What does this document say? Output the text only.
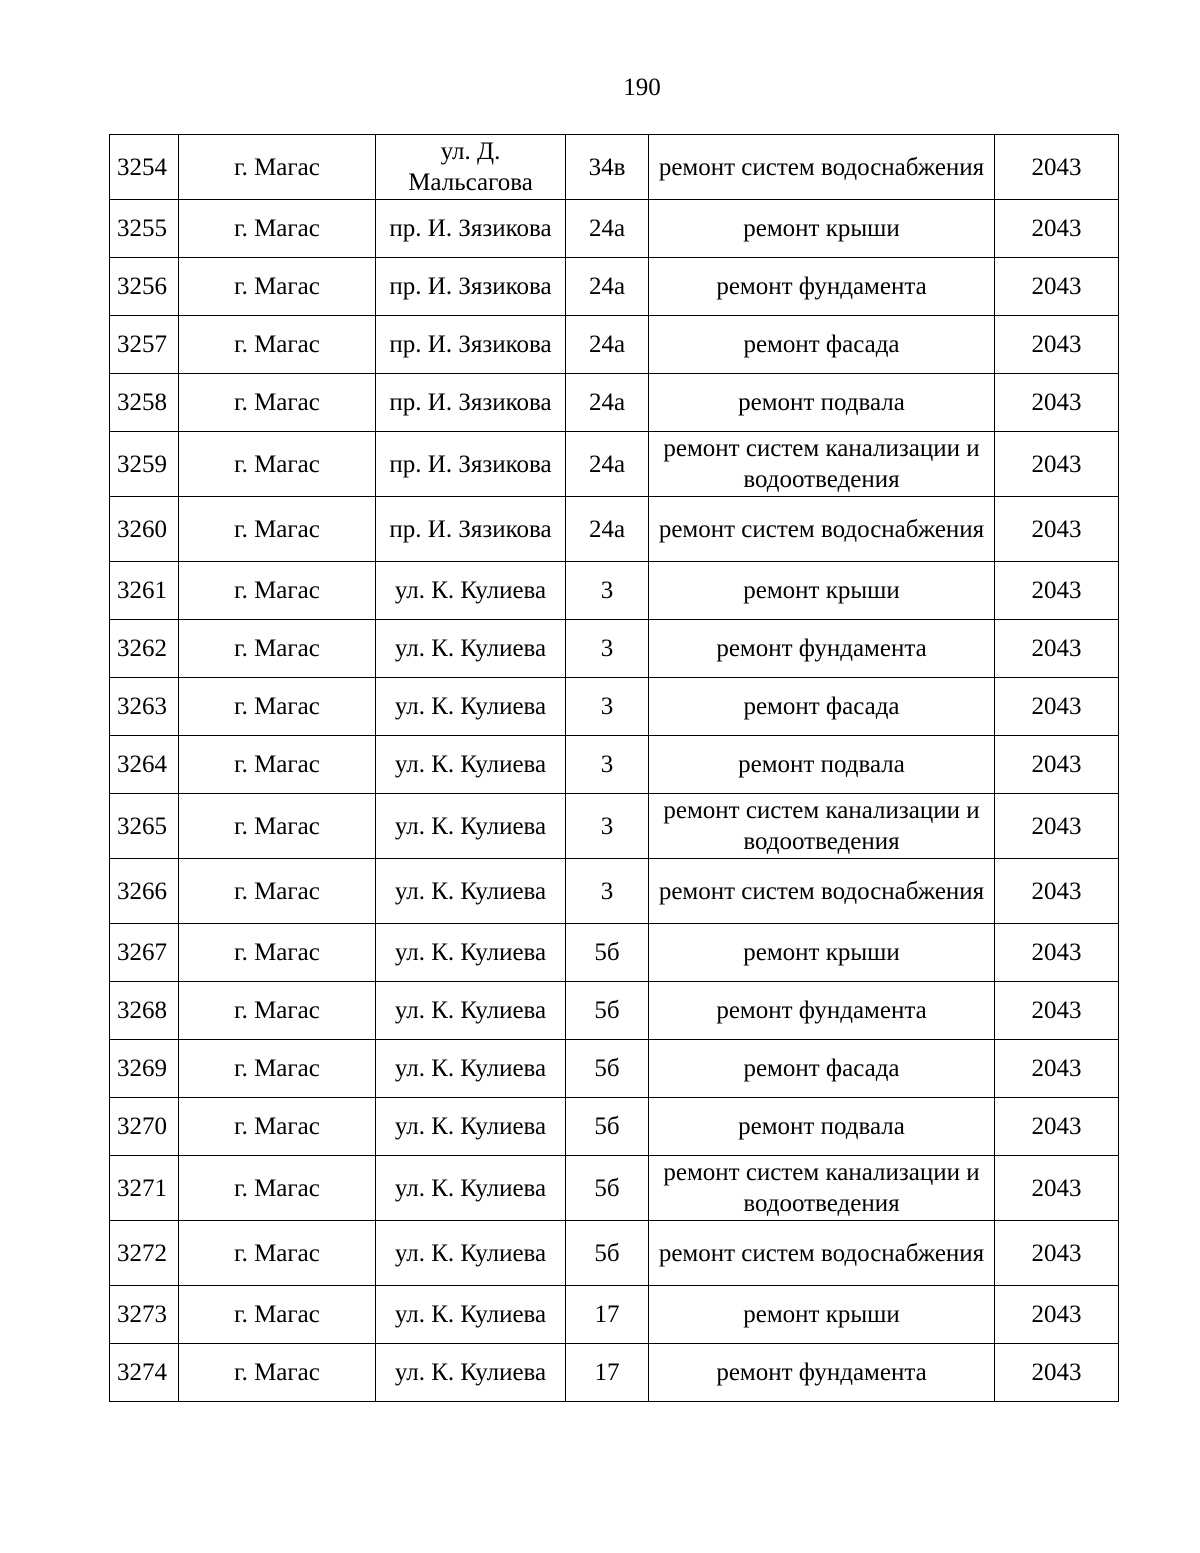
190
3254	г. Магас	ул. Д. Мальсагова	34в	ремонт систем водоснабжения	2043
3255	г. Магас	пр. И. Зязикова	24а	ремонт крыши	2043
3256	г. Магас	пр. И. Зязикова	24а	ремонт фундамента	2043
3257	г. Магас	пр. И. Зязикова	24а	ремонт фасада	2043
3258	г. Магас	пр. И. Зязикова	24а	ремонт подвала	2043
3259	г. Магас	пр. И. Зязикова	24а	ремонт систем канализации и водоотведения	2043
3260	г. Магас	пр. И. Зязикова	24а	ремонт систем водоснабжения	2043
3261	г. Магас	ул. К. Кулиева	3	ремонт крыши	2043
3262	г. Магас	ул. К. Кулиева	3	ремонт фундамента	2043
3263	г. Магас	ул. К. Кулиева	3	ремонт фасада	2043
3264	г. Магас	ул. К. Кулиева	3	ремонт подвала	2043
3265	г. Магас	ул. К. Кулиева	3	ремонт систем канализации и водоотведения	2043
3266	г. Магас	ул. К. Кулиева	3	ремонт систем водоснабжения	2043
3267	г. Магас	ул. К. Кулиева	5б	ремонт крыши	2043
3268	г. Магас	ул. К. Кулиева	5б	ремонт фундамента	2043
3269	г. Магас	ул. К. Кулиева	5б	ремонт фасада	2043
3270	г. Магас	ул. К. Кулиева	5б	ремонт подвала	2043
3271	г. Магас	ул. К. Кулиева	5б	ремонт систем канализации и водоотведения	2043
3272	г. Магас	ул. К. Кулиева	5б	ремонт систем водоснабжения	2043
3273	г. Магас	ул. К. Кулиева	17	ремонт крыши	2043
3274	г. Магас	ул. К. Кулиева	17	ремонт фундамента	2043
